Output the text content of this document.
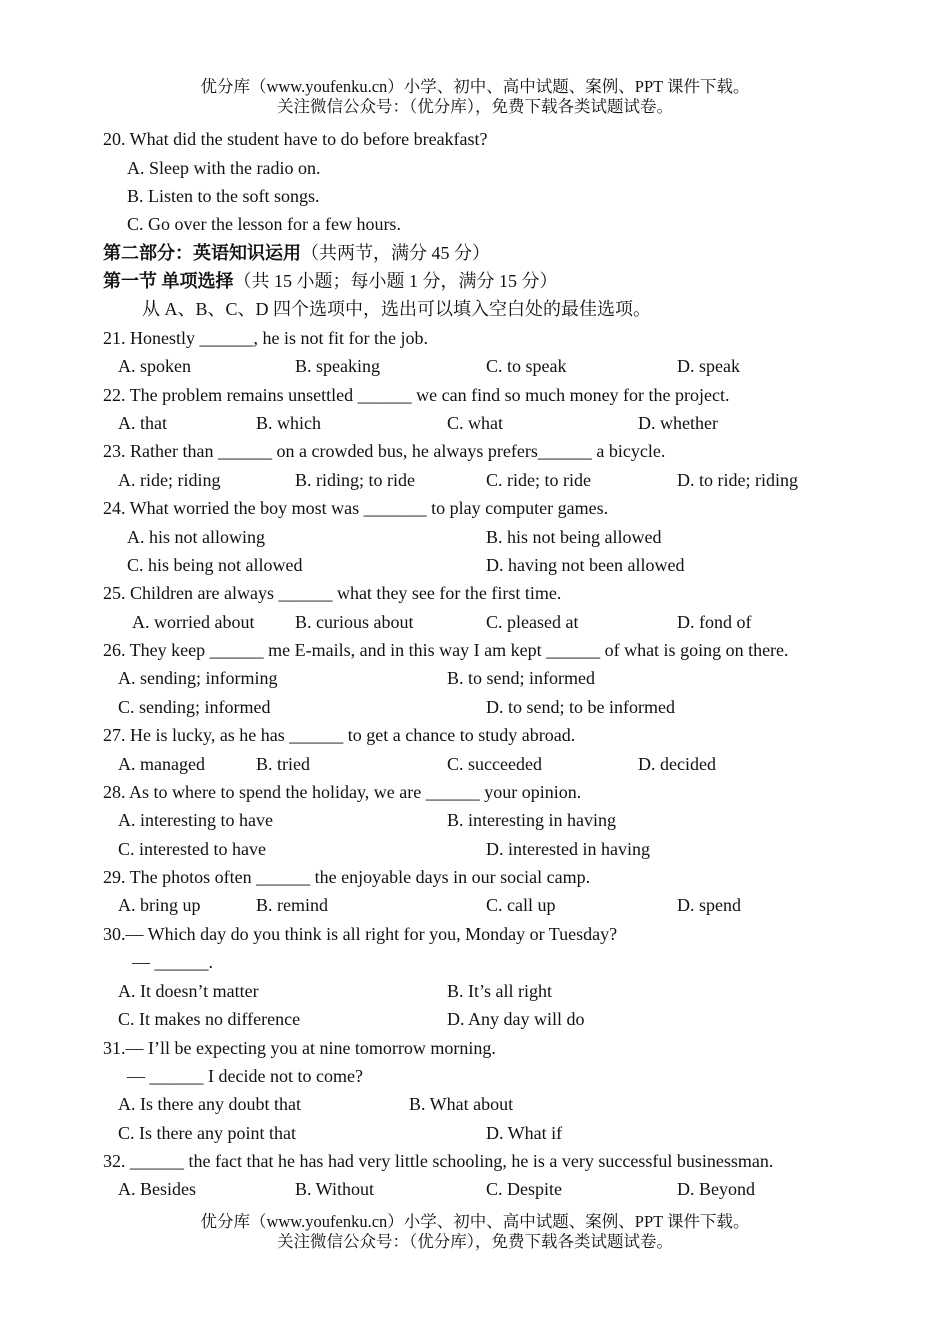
优分库（www.youfenku.cn）小学、初中、高中试题、案例、PPT 课件下载。
关注微信公众号：（优分库），免费下载各类试题试卷。
20. What did the student have to do before breakfast?
A. Sleep with the radio on.
B. Listen to the soft songs.
C. Go over the lesson for a few hours.
第二部分：英语知识运用（共两节，满分 45 分）
第一节 单项选择（共 15 小题；每小题 1 分，满分 15 分）
从 A、B、C、D 四个选项中，选出可以填入空白处的最佳选项。
21. Honestly ______, he is not fit for the job.
A. spoken	B. speaking	C. to speak	D. speak
22. The problem remains unsettled ______ we can find so much money for the project.
A. that	B. which	C. what	D. whether
23. Rather than ______ on a crowded bus, he always prefers______ a bicycle.
A. ride; riding	B. riding; to ride	C. ride; to ride	D. to ride; riding
24. What worried the boy most was _______ to play computer games.
A. his not allowing	B. his not being allowed
C. his being not allowed	D. having not been allowed
25. Children are always ______ what they see for the first time.
A. worried about B. curious about	C. pleased at	D. fond of
26. They keep ______ me E-mails, and in this way I am kept ______ of what is going on there.
A. sending; informing	B. to send; informed
C. sending; informed	D. to send; to be informed
27. He is lucky, as he has ______ to get a chance to study abroad.
A. managed	B. tried	C. succeeded	D. decided
28. As to where to spend the holiday, we are ______ your opinion.
A. interesting to have	B. interesting in having
C. interested to have	D. interested in having
29. The photos often ______ the enjoyable days in our social camp.
A. bring up	B. remind	C. call up	D. spend
30.— Which day do you think is all right for you, Monday or Tuesday?
— ______.
A. It doesn’t matter	B. It’s all right
C. It makes no difference	D. Any day will do
31.— I’ll be expecting you at nine tomorrow morning.
— ______ I decide not to come?
A. Is there any doubt that	B. What about
C. Is there any point that	D. What if
32. ______ the fact that he has had very little schooling, he is a very successful businessman.
A. Besides	B. Without	C. Despite	D. Beyond
优分库（www.youfenku.cn）小学、初中、高中试题、案例、PPT 课件下载。
关注微信公众号：（优分库），免费下载各类试题试卷。
